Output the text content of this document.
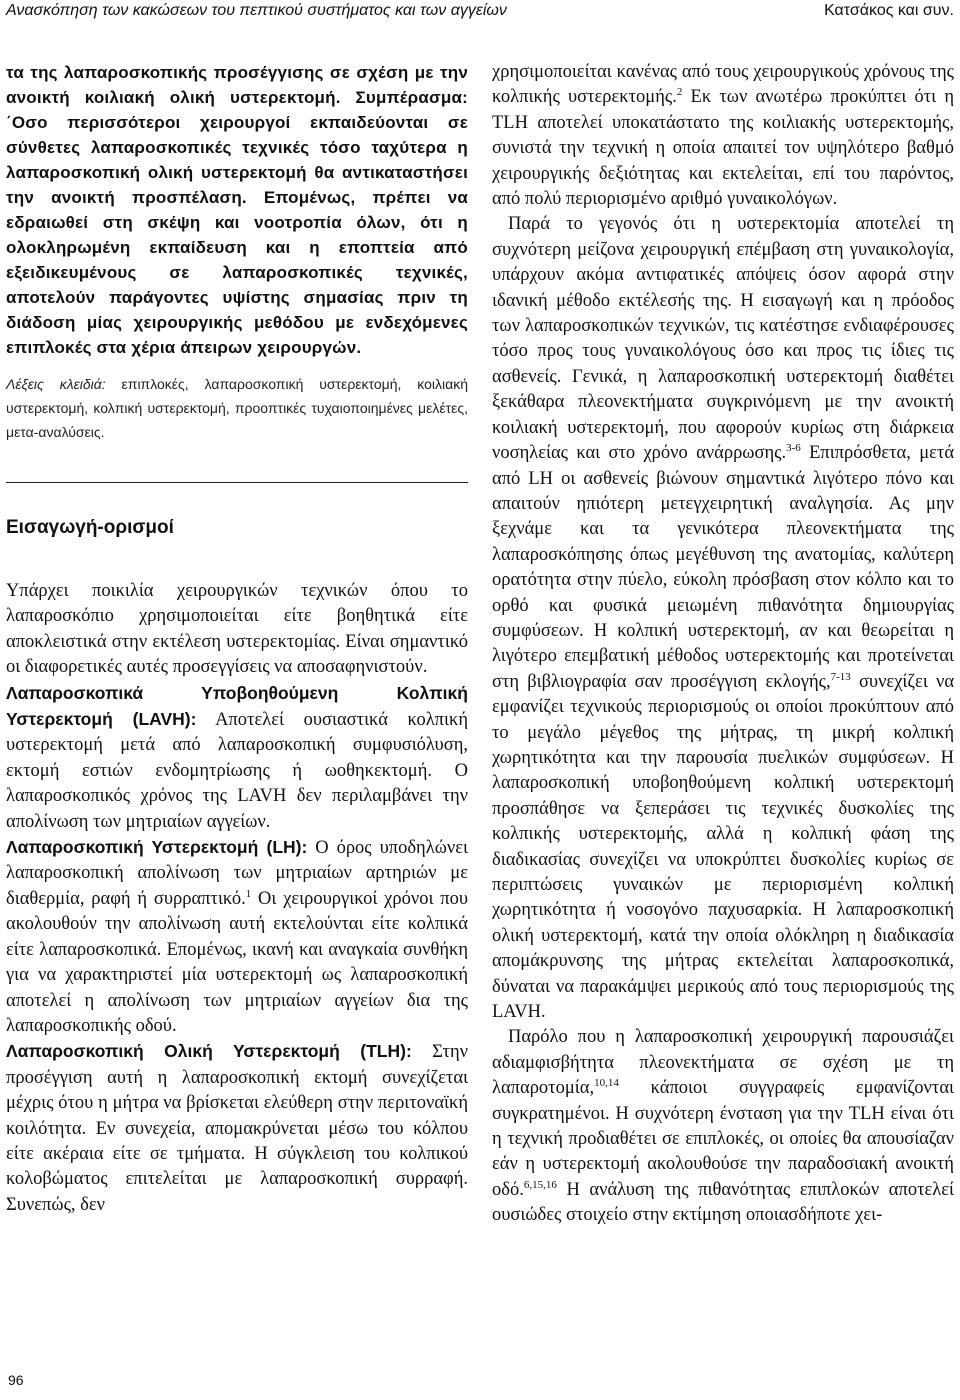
Ανασκόπηση των κακώσεων του πεπτικού συστήματος και των αγγείων	Κατσάκος και συν.
τα της λαπαροσκοπικής προσέγγισης σε σχέση με την ανοικτή κοιλιακή ολική υστερεκτομή. Συμπέρασμα: ΄Οσο περισσότεροι χειρουργοί εκπαιδεύονται σε σύνθετες λαπαροσκοπικές τεχνικές τόσο ταχύτερα η λαπαροσκοπική ολική υστερεκτομή θα αντικαταστήσει την ανοικτή προσπέλαση. Επομένως, πρέπει να εδραιωθεί στη σκέψη και νοοτροπία όλων, ότι η ολοκληρωμένη εκπαίδευση και η εποπτεία από εξειδικευμένους σε λαπαροσκοπικές τεχνικές, αποτελούν παράγοντες υψίστης σημασίας πριν τη διάδοση μίας χειρουργικής μεθόδου με ενδεχόμενες επιπλοκές στα χέρια άπειρων χειρουργών.
Λέξεις κλειδιά: επιπλοκές, λαπαροσκοπική υστερεκτομή, κοιλιακή υστερεκτομή, κολπική υστερεκτομή, προοπτικές τυχαιοποιημένες μελέτες, μετα-αναλύσεις.
Εισαγωγή-ορισμοί

Υπάρχει ποικιλία χειρουργικών τεχνικών όπου το λαπαροσκόπιο χρησιμοποιείται είτε βοηθητικά είτε αποκλειστικά στην εκτέλεση υστερεκτομίας. Είναι σημαντικό οι διαφορετικές αυτές προσεγγίσεις να αποσαφηνιστούν.

Λαπαροσκοπικά Υποβοηθούμενη Κολπική Υστερεκτομή (LAVH): Αποτελεί ουσιαστικά κολπική υστερεκτομή μετά από λαπαροσκοπική συμφυσιόλυση, εκτομή εστιών ενδομητρίωσης ή ωοθηκεκτομή. Ο λαπαροσκοπικός χρόνος της LAVH δεν περιλαμβάνει την απολίνωση των μητριαίων αγγείων.

Λαπαροσκοπική Υστερεκτομή (LH): Ο όρος υποδηλώνει λαπαροσκοπική απολίνωση των μητριαίων αρτηριών με διαθερμία, ραφή ή συρραπτικό.$^1$ Οι χειρουργικοί χρόνοι που ακολουθούν την απολίνωση αυτή εκτελούνται είτε κολπικά είτε λαπαροσκοπικά. Επομένως, ικανή και αναγκαία συνθήκη για να χαρακτηριστεί μία υστερεκτομή ως λαπαροσκοπική αποτελεί η απολίνωση των μητριαίων αγγείων δια της λαπαροσκοπικής οδού.

Λαπαροσκοπική Ολική Υστερεκτομή (TLH): Στην προσέγγιση αυτή η λαπαροσκοπική εκτομή συνεχίζεται μέχρις ότου η μήτρα να βρίσκεται ελεύθερη στην περιτοναϊκή κοιλότητα. Εν συνεχεία, απομακρύνεται μέσω του κόλπου είτε ακέραια είτε σε τμήματα. Η σύγκλειση του κολπικού κολοβώματος επιτελείται με λαπαροσκοπική συρραφή. Συνεπώς, δεν

χρησιμοποιείται κανένας από τους χειρουργικούς χρόνους της κολπικής υστερεκτομής.$^2$ Εκ των ανωτέρω προκύπτει ότι η TLH αποτελεί υποκατάστατο της κοιλιακής υστερεκτομής, συνιστά την τεχνική η οποία απαιτεί τον υψηλότερο βαθμό χειρουργικής δεξιότητας και εκτελείται, επί του παρόντος, από πολύ περιορισμένο αριθμό γυναικολόγων.

Παρά το γεγονός ότι η υστερεκτομία αποτελεί τη συχνότερη μείζονα χειρουργική επέμβαση στη γυναικολογία, υπάρχουν ακόμα αντιφατικές απόψεις όσον αφορά στην ιδανική μέθοδο εκτέλεσής της. Η εισαγωγή και η πρόοδος των λαπαροσκοπικών τεχνικών, τις κατέστησε ενδιαφέρουσες τόσο προς τους γυναικολόγους όσο και προς τις ίδιες τις ασθενείς. Γενικά, η λαπαροσκοπική υστερεκτομή διαθέτει ξεκάθαρα πλεονεκτήματα συγκρινόμενη με την ανοικτή κοιλιακή υστερεκτομή, που αφορούν κυρίως στη διάρκεια νοσηλείας και στο χρόνο ανάρρωσης.$^{3-6}$ Επιπρόσθετα, μετά από LH οι ασθενείς βιώνουν σημαντικά λιγότερο πόνο και απαιτούν ηπιότερη μετεγχειρητική αναλγησία. Ας μην ξεχνάμε και τα γενικότερα πλεονεκτήματα της λαπαροσκόπησης όπως μεγέθυνση της ανατομίας, καλύτερη ορατότητα στην πύελο, εύκολη πρόσβαση στον κόλπο και το ορθό και φυσικά μειωμένη πιθανότητα δημιουργίας συμφύσεων. Η κολπική υστερεκτομή, αν και θεωρείται η λιγότερο επεμβατική μέθοδος υστερεκτομής και προτείνεται στη βιβλιογραφία σαν προσέγγιση εκλογής,$^{7-13}$ συνεχίζει να εμφανίζει τεχνικούς περιορισμούς οι οποίοι προκύπτουν από το μεγάλο μέγεθος της μήτρας, τη μικρή κολπική χωρητικότητα και την παρουσία πυελικών συμφύσεων. Η λαπαροσκοπική υποβοηθούμενη κολπική υστερεκτομή προσπάθησε να ξεπεράσει τις τεχνικές δυσκολίες της κολπικής υστερεκτομής, αλλά η κολπική φάση της διαδικασίας συνεχίζει να υποκρύπτει δυσκολίες κυρίως σε περιπτώσεις γυναικών με περιορισμένη κολπική χωρητικότητα ή νοσογόνο παχυσαρκία. Η λαπαροσκοπική ολική υστερεκτομή, κατά την οποία ολόκληρη η διαδικασία απομάκρυνσης της μήτρας εκτελείται λαπαροσκοπικά, δύναται να παρακάμψει μερικούς από τους περιορισμούς της LAVH.

Παρόλο που η λαπαροσκοπική χειρουργική παρουσιάζει αδιαμφισβήτητα πλεονεκτήματα σε σχέση με τη λαπαροτομία,$^{10,14}$ κάποιοι συγγραφείς εμφανίζονται συγκρατημένοι. Η συχνότερη ένσταση για την TLH είναι ότι η τεχνική προδιαθέτει σε επιπλοκές, οι οποίες θα απουσίαζαν εάν η υστερεκτομή ακολουθούσε την παραδοσιακή ανοικτή οδό.$^{6,15,16}$ Η ανάλυση της πιθανότητας επιπλοκών αποτελεί ουσιώδες στοιχείο στην εκτίμηση οποιασδήποτε χει-

96
